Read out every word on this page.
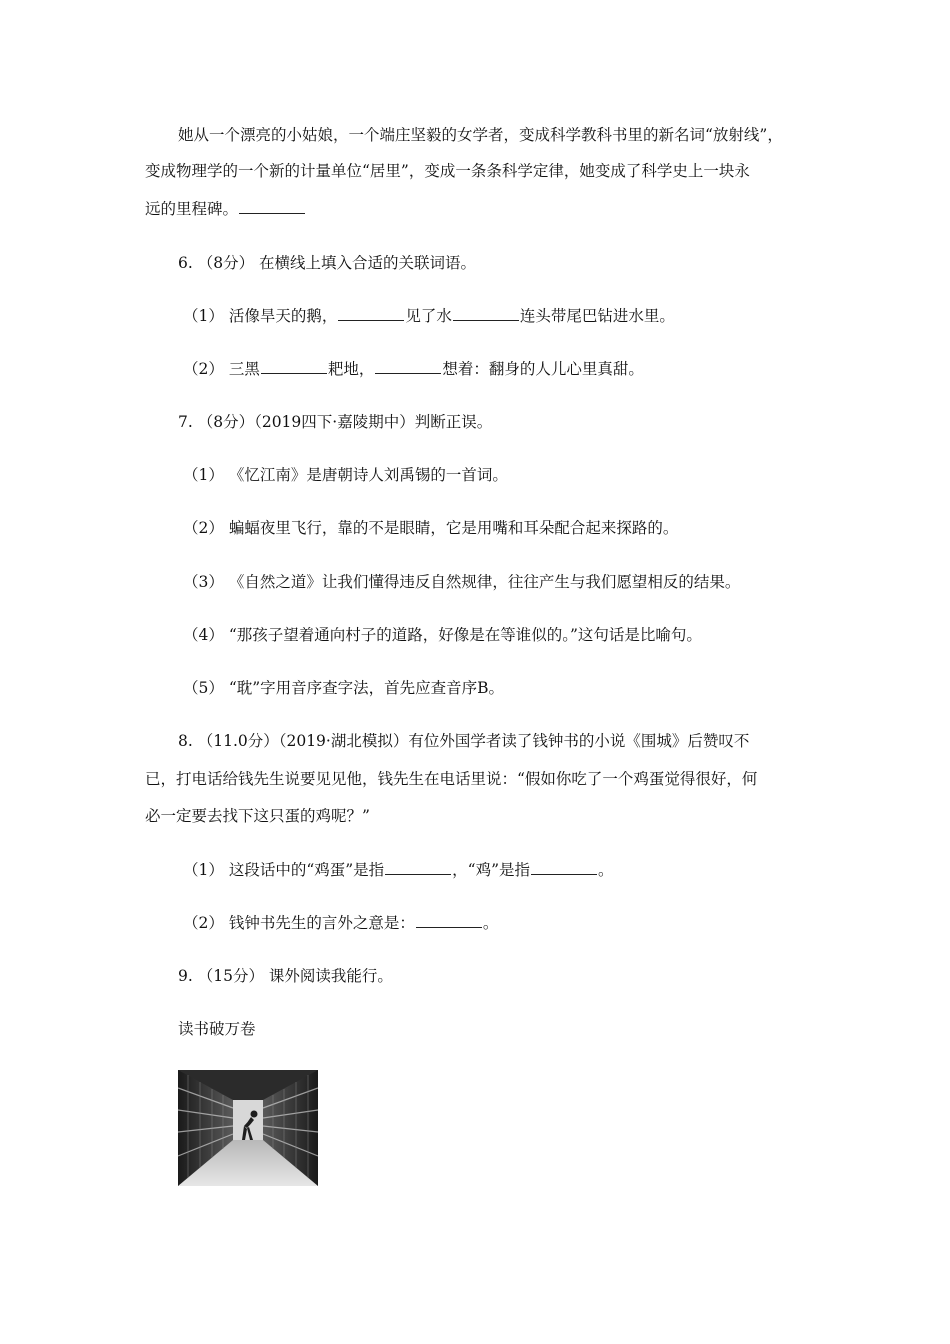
她从一个漂亮的小姑娘，一个端庄坚毅的女学者，变成科学教科书里的新名词“放射线”，
变成物理学的一个新的计量单位“居里”，变成一条条科学定律，她变成了科学史上一块永
远的里程碑。
6. （8分） 在横线上填入合适的关联词语。
（1） 活像旱天的鹅，	见了水	连头带尾巴钻进水里。
（2） 三黑	耙地，	想着：翻身的人儿心里真甜。
7. （8分）（2019四下·嘉陵期中）判断正误。
（1） 《忆江南》是唐朝诗人刘禹锡的一首词。
（2） 蝙蝠夜里飞行，靠的不是眼睛，它是用嘴和耳朵配合起来探路的。
（3） 《自然之道》让我们懂得违反自然规律，往往产生与我们愿望相反的结果。
（4） “那孩子望着通向村子的道路，好像是在等谁似的。”这句话是比喻句。
（5） “耽”字用音序查字法，首先应查音序B。
8. （11.0分）（2019·湖北模拟）有位外国学者读了钱钟书的小说《围城》后赞叹不
已，打电话给钱先生说要见见他，钱先生在电话里说：“假如你吃了一个鸡蛋觉得很好，何
必一定要去找下这只蛋的鸡呢？”
（1） 这段话中的“鸡蛋”是指	，“鸡”是指	。
（2） 钱钟书先生的言外之意是：	。
9. （15分） 课外阅读我能行。
读书破万卷
